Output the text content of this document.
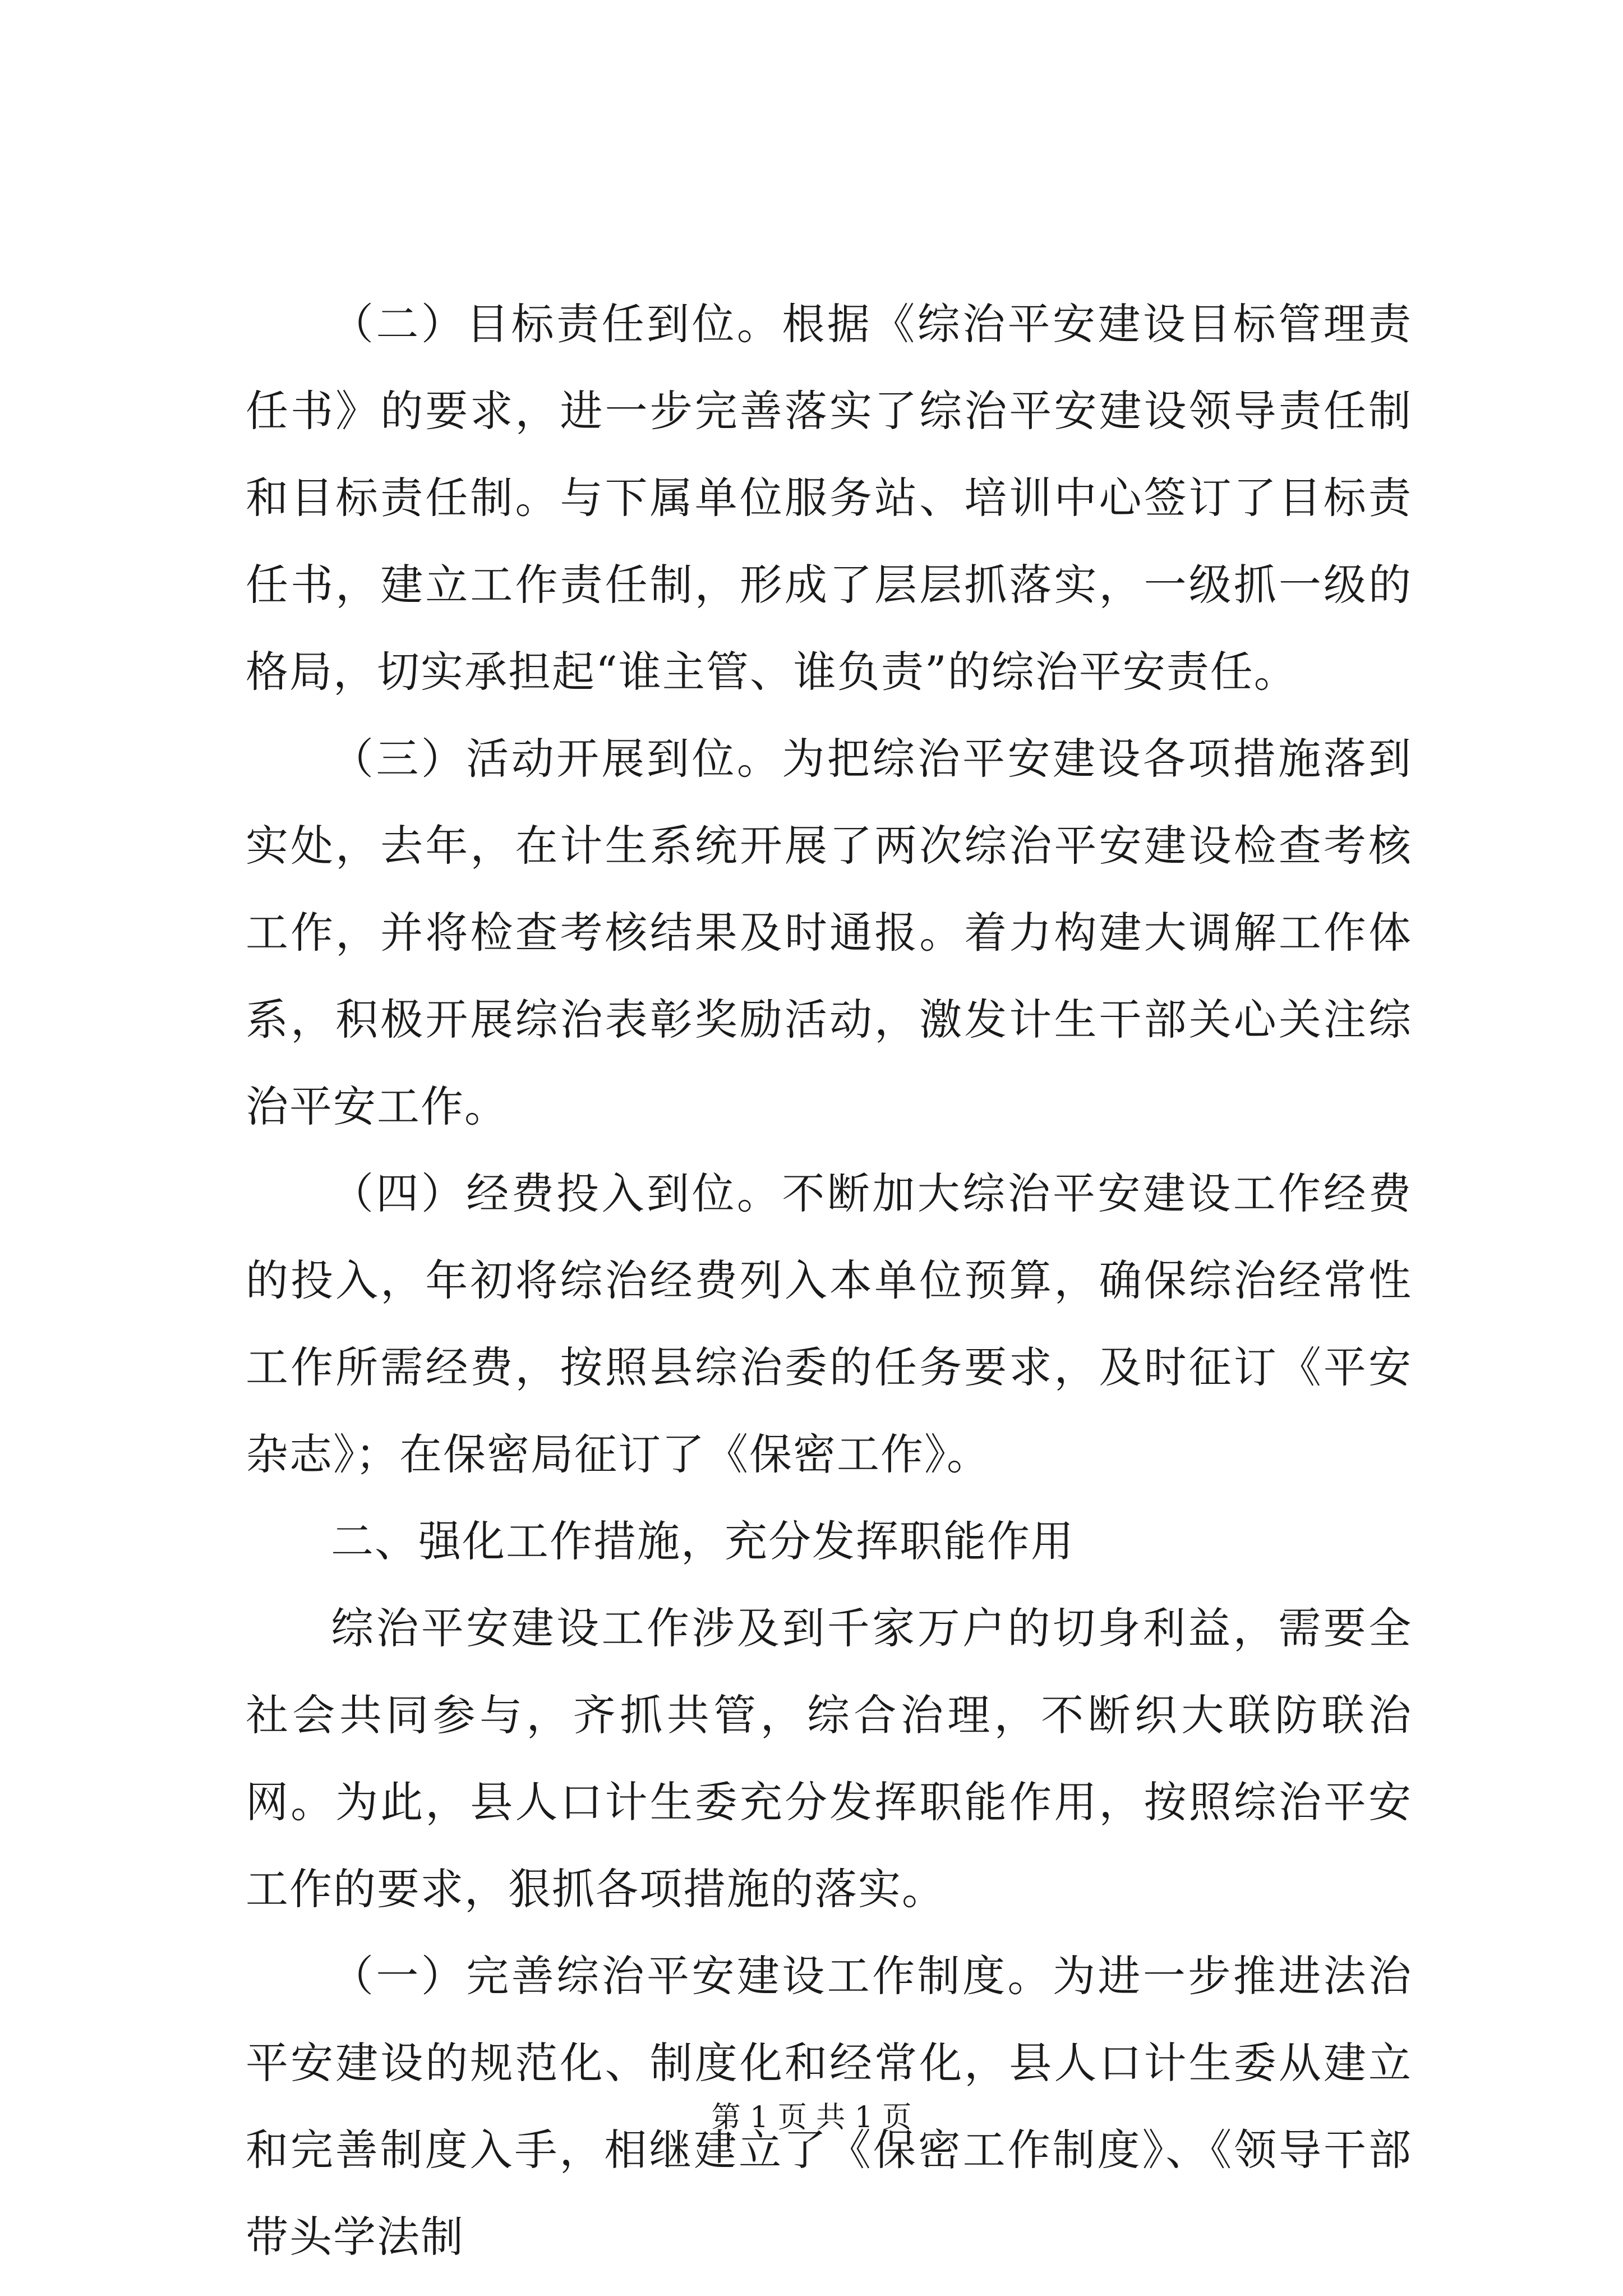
（二）目标责任到位。根据《综治平安建设目标管理责任书》的要求，进一步完善落实了综治平安建设领导责任制和目标责任制。与下属单位服务站、培训中心签订了目标责任书，建立工作责任制，形成了层层抓落实，一级抓一级的格局，切实承担起“谁主管、谁负责”的综治平安责任。

（三）活动开展到位。为把综治平安建设各项措施落到实处，去年，在计生系统开展了两次综治平安建设检查考核工作，并将检查考核结果及时通报。着力构建大调解工作体系，积极开展综治表彰奖励活动，激发计生干部关心关注综治平安工作。

（四）经费投入到位。不断加大综治平安建设工作经费的投入，年初将综治经费列入本单位预算，确保综治经常性工作所需经费，按照县综治委的任务要求，及时征订《平安杂志》；在保密局征订了《保密工作》。

二、强化工作措施，充分发挥职能作用

综治平安建设工作涉及到千家万户的切身利益，需要全社会共同参与，齐抓共管，综合治理，不断织大联防联治网。为此，县人口计生委充分发挥职能作用，按照综治平安工作的要求，狠抓各项措施的落实。

（一）完善综治平安建设工作制度。为进一步推进法治平安建设的规范化、制度化和经常化，县人口计生委从建立和完善制度入手，相继建立了《保密工作制度》、《领导干部带头学法制

第 1 页 共 1 页
